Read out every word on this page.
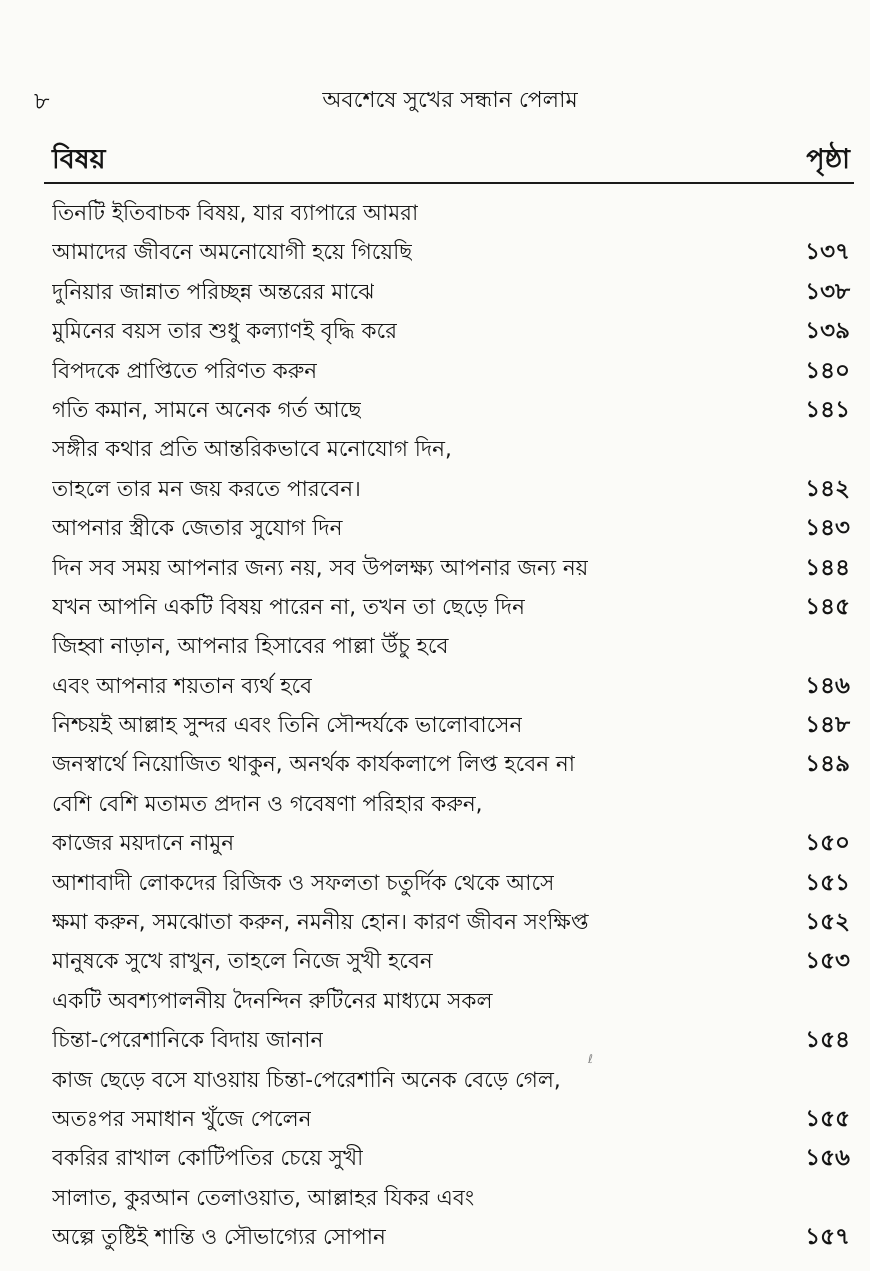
৮	অবশেষে সুখের সন্ধান পেলাম
বিষয়	পৃষ্ঠা
তিনটি ইতিবাচক বিষয়, যার ব্যাপারে আমরা
আমাদের জীবনে অমনোযোগী হয়ে গিয়েছি	১৩৭
দুনিয়ার জান্নাত পরিচ্ছন্ন অন্তরের মাঝে	১৩৮
মুমিনের বয়স তার শুধু কল্যাণই বৃদ্ধি করে	১৩৯
বিপদকে প্রাপ্তিতে পরিণত করুন	১৪০
গতি কমান, সামনে অনেক গর্ত আছে	১৪১
সঙ্গীর কথার প্রতি আন্তরিকভাবে মনোযোগ দিন,
তাহলে তার মন জয় করতে পারবেন।	১৪২
আপনার স্ত্রীকে জেতার সুযোগ দিন	১৪৩
দিন সব সময় আপনার জন্য নয়, সব উপলক্ষ্য আপনার জন্য নয়	১৪৪
যখন আপনি একটি বিষয় পারেন না, তখন তা ছেড়ে দিন	১৪৫
জিহ্বা নাড়ান, আপনার হিসাবের পাল্লা উঁচু হবে
এবং আপনার শয়তান ব্যর্থ হবে	১৪৬
নিশ্চয়ই আল্লাহ সুন্দর এবং তিনি সৌন্দর্যকে ভালোবাসেন	১৪৮
জনস্বার্থে নিয়োজিত থাকুন, অনর্থক কার্যকলাপে লিপ্ত হবেন না	১৪৯
বেশি বেশি মতামত প্রদান ও গবেষণা পরিহার করুন,
কাজের ময়দানে নামুন	১৫০
আশাবাদী লোকদের রিজিক ও সফলতা চতুর্দিক থেকে আসে	১৫১
ক্ষমা করুন, সমঝোতা করুন, নমনীয় হোন। কারণ জীবন সংক্ষিপ্ত	১৫২
মানুষকে সুখে রাখুন, তাহলে নিজে সুখী হবেন	১৫৩
একটি অবশ্যপালনীয় দৈনন্দিন রুটিনের মাধ্যমে সকল
চিন্তা-পেরেশানিকে বিদায় জানান	১৫৪
কাজ ছেড়ে বসে যাওয়ায় চিন্তা-পেরেশানি অনেক বেড়ে গেল,
অতঃপর সমাধান খুঁজে পেলেন	১৫৫
বকরির রাখাল কোটিপতির চেয়ে সুখী	১৫৬
সালাত, কুরআন তেলাওয়াত, আল্লাহর যিকর এবং
অল্পে তুষ্টিই শান্তি ও সৌভাগ্যের সোপান	১৫৭
ℓ
